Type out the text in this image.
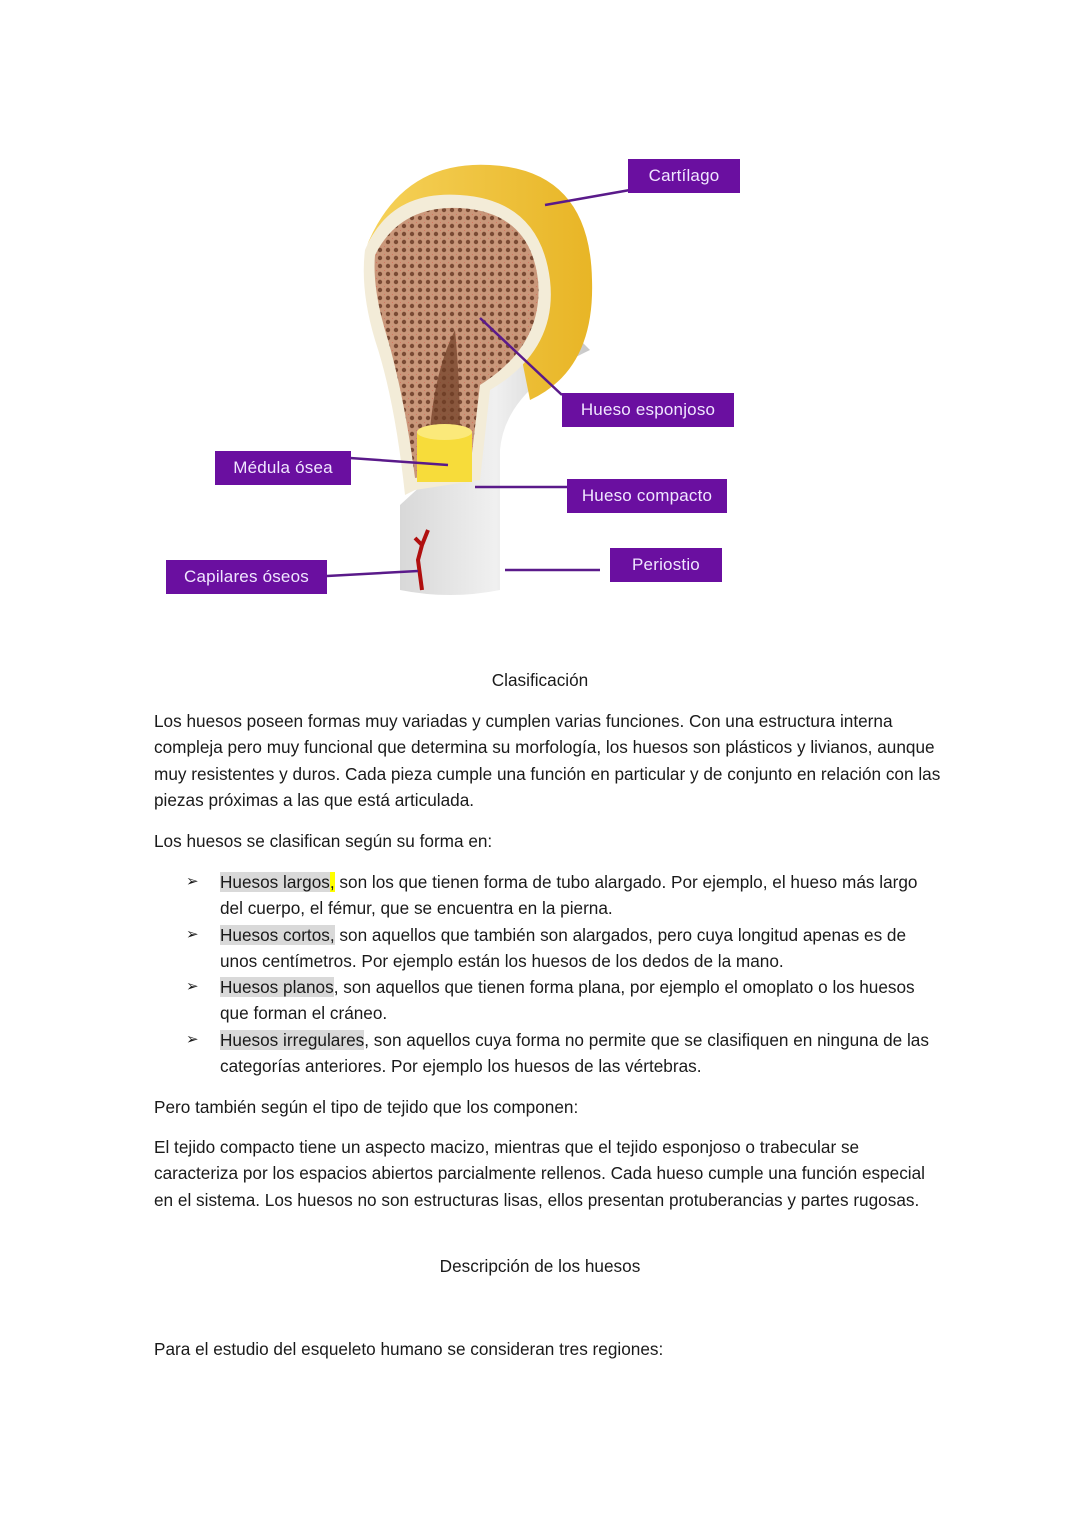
Cartílago
Hueso esponjoso
Médula ósea
Hueso compacto
Periostio
Capilares óseos
Clasificación
Los huesos poseen formas muy variadas y cumplen varias funciones. Con una estructura interna compleja pero muy funcional que determina su morfología, los huesos son plásticos y livianos, aunque muy resistentes y duros. Cada pieza cumple una función en particular y de conjunto en relación con las piezas próximas a las que está articulada.
Los huesos se clasifican según su forma en:
➢ Huesos largos, son los que tienen forma de tubo alargado. Por ejemplo, el hueso más largo del cuerpo, el fémur, que se encuentra en la pierna.
➢ Huesos cortos, son aquellos que también son alargados, pero cuya longitud apenas es de unos centímetros. Por ejemplo están los huesos de los dedos de la mano.
➢ Huesos planos, son aquellos que tienen forma plana, por ejemplo el omoplato o los huesos que forman el cráneo.
➢ Huesos irregulares, son aquellos cuya forma no permite que se clasifiquen en ninguna de las categorías anteriores. Por ejemplo los huesos de las vértebras.
Pero también según el tipo de tejido que los componen:
El tejido compacto tiene un aspecto macizo, mientras que el tejido esponjoso o trabecular se caracteriza por los espacios abiertos parcialmente rellenos. Cada hueso cumple una función especial en el sistema. Los huesos no son estructuras lisas, ellos presentan protuberancias y partes rugosas.
Descripción de los huesos
Para el estudio del esqueleto humano se consideran tres regiones:
